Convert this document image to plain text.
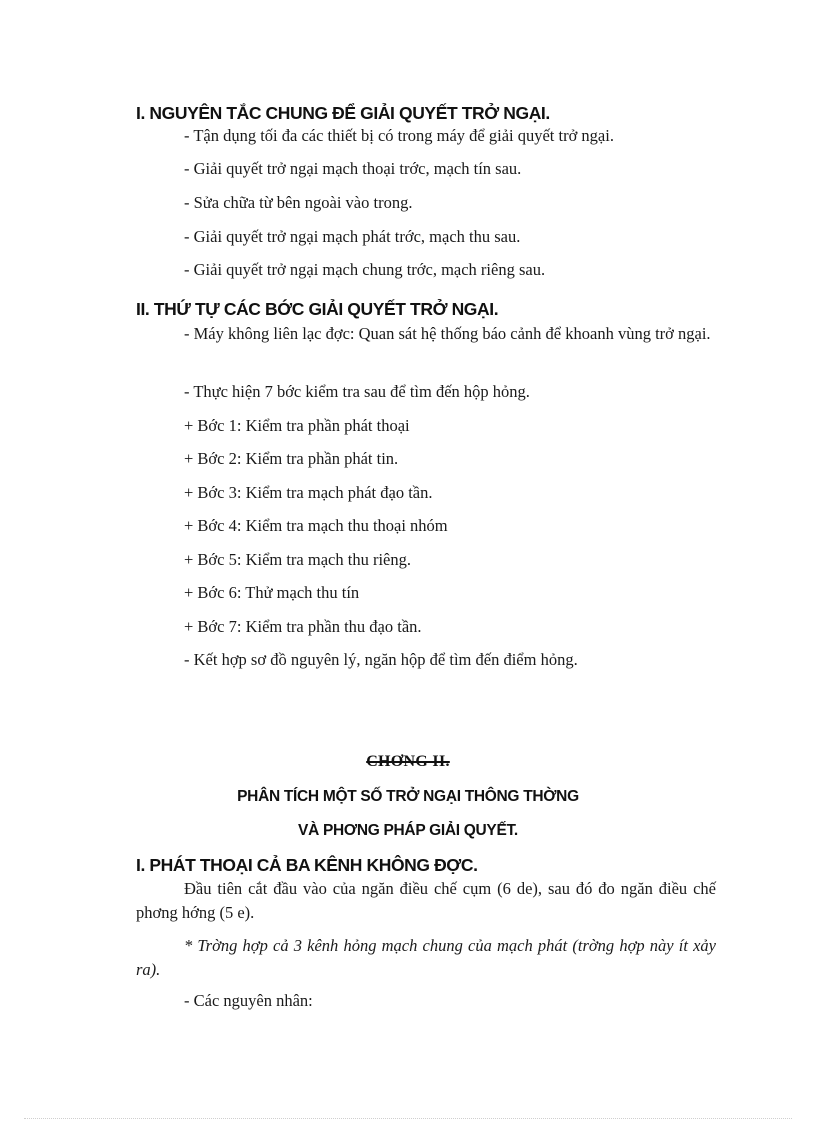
I. NGUYÊN TẮC CHUNG ĐỂ GIẢI QUYẾT TRỞ NGẠI.
- Tận dụng tối đa các thiết bị có trong máy để giải quyết trở ngại.
- Giải quyết trở ngại mạch thoại trớc, mạch tín sau.
- Sửa chữa từ bên ngoài vào trong.
- Giải quyết trở ngại mạch phát trớc, mạch thu sau.
- Giải quyết trở ngại mạch chung trớc, mạch riêng sau.
II. THỨ TỰ CÁC BỚC GIẢI QUYẾT TRỞ NGẠI.
- Máy không liên lạc đợc: Quan sát hệ thống báo cảnh để khoanh vùng trở ngại.
- Thực hiện 7 bớc kiểm tra sau để tìm đến hộp hỏng.
+ Bớc 1: Kiểm tra phần phát thoại
+ Bớc 2: Kiểm tra phần phát tin.
+ Bớc 3: Kiểm tra mạch phát đạo tần.
+ Bớc 4: Kiểm tra mạch thu thoại nhóm
+ Bớc 5: Kiểm tra mạch thu riêng.
+ Bớc 6: Thử mạch thu tín
+ Bớc 7: Kiểm tra phần thu đạo tần.
- Kết hợp sơ đồ nguyên lý, ngăn hộp để tìm đến điểm hỏng.
CHƠNG II.
PHÂN TÍCH MỘT SỐ TRỞ NGẠI THÔNG THỜNG
VÀ PHƠNG PHÁP GIẢI QUYẾT.
I. PHÁT THOẠI CẢ BA KÊNH KHÔNG ĐỢC.
Đầu tiên cắt đầu vào của ngăn điều chế cụm (6 de), sau đó đo ngăn điều chế phơng hớng (5 e).
* Trờng hợp cả 3 kênh hỏng mạch chung của mạch phát (trờng hợp này ít xảy ra).
- Các nguyên nhân:
